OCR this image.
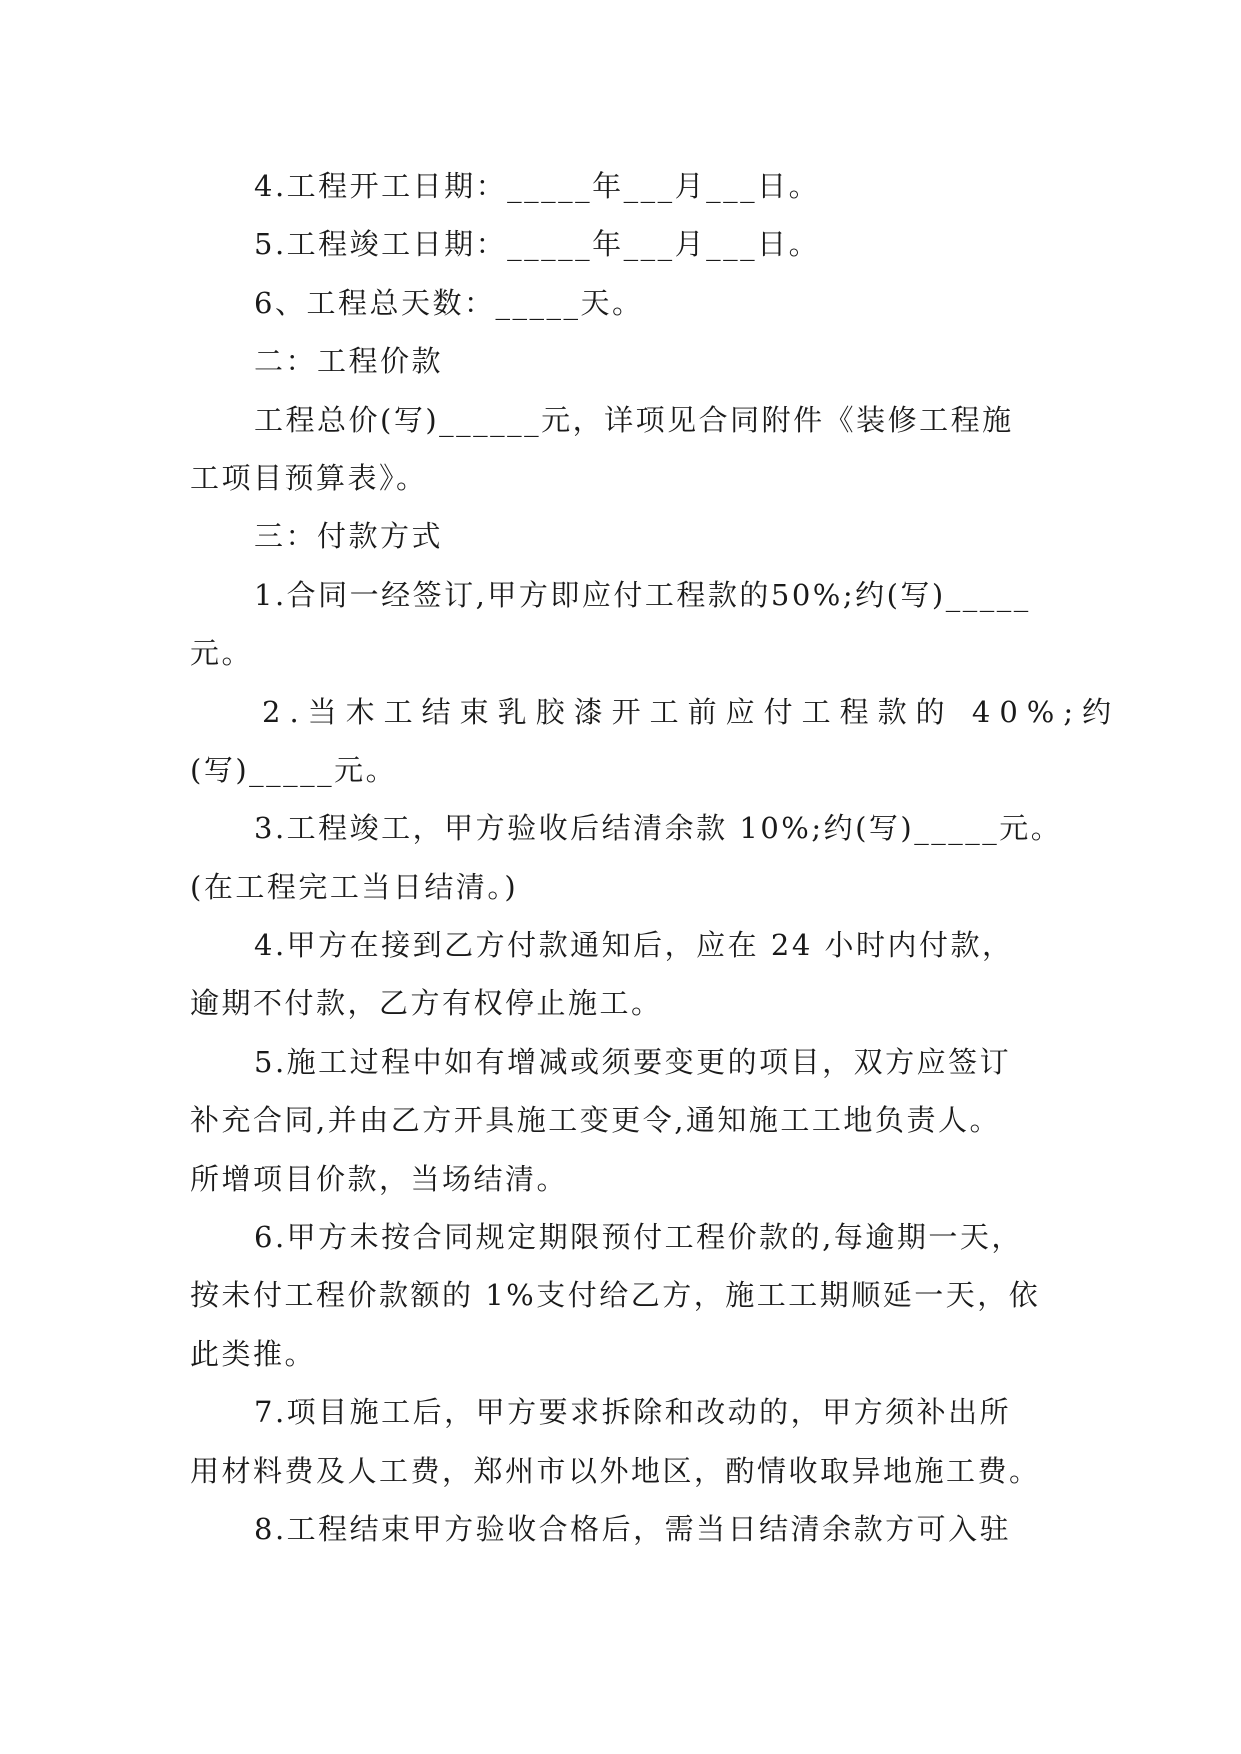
4.工程开工日期：_____年___月___日。
5.工程竣工日期：_____年___月___日。
6、工程总天数：_____天。
二：工程价款
工程总价(写)______元，详项见合同附件《装修工程施
工项目预算表》。
三：付款方式
1.合同一经签订,甲方即应付工程款的50%;约(写)_____
元。
2.当木工结束乳胶漆开工前应付工程款的 40%;约
(写)_____元。
3.工程竣工，甲方验收后结清余款 10%;约(写)_____元。
(在工程完工当日结清。)
4.甲方在接到乙方付款通知后，应在 24 小时内付款，
逾期不付款，乙方有权停止施工。
5.施工过程中如有增减或须要变更的项目，双方应签订
补充合同,并由乙方开具施工变更令,通知施工工地负责人。
所增项目价款，当场结清。
6.甲方未按合同规定期限预付工程价款的,每逾期一天，
按未付工程价款额的 1%支付给乙方，施工工期顺延一天，依
此类推。
7.项目施工后，甲方要求拆除和改动的，甲方须补出所
用材料费及人工费，郑州市以外地区，酌情收取异地施工费。
8.工程结束甲方验收合格后，需当日结清余款方可入驻
